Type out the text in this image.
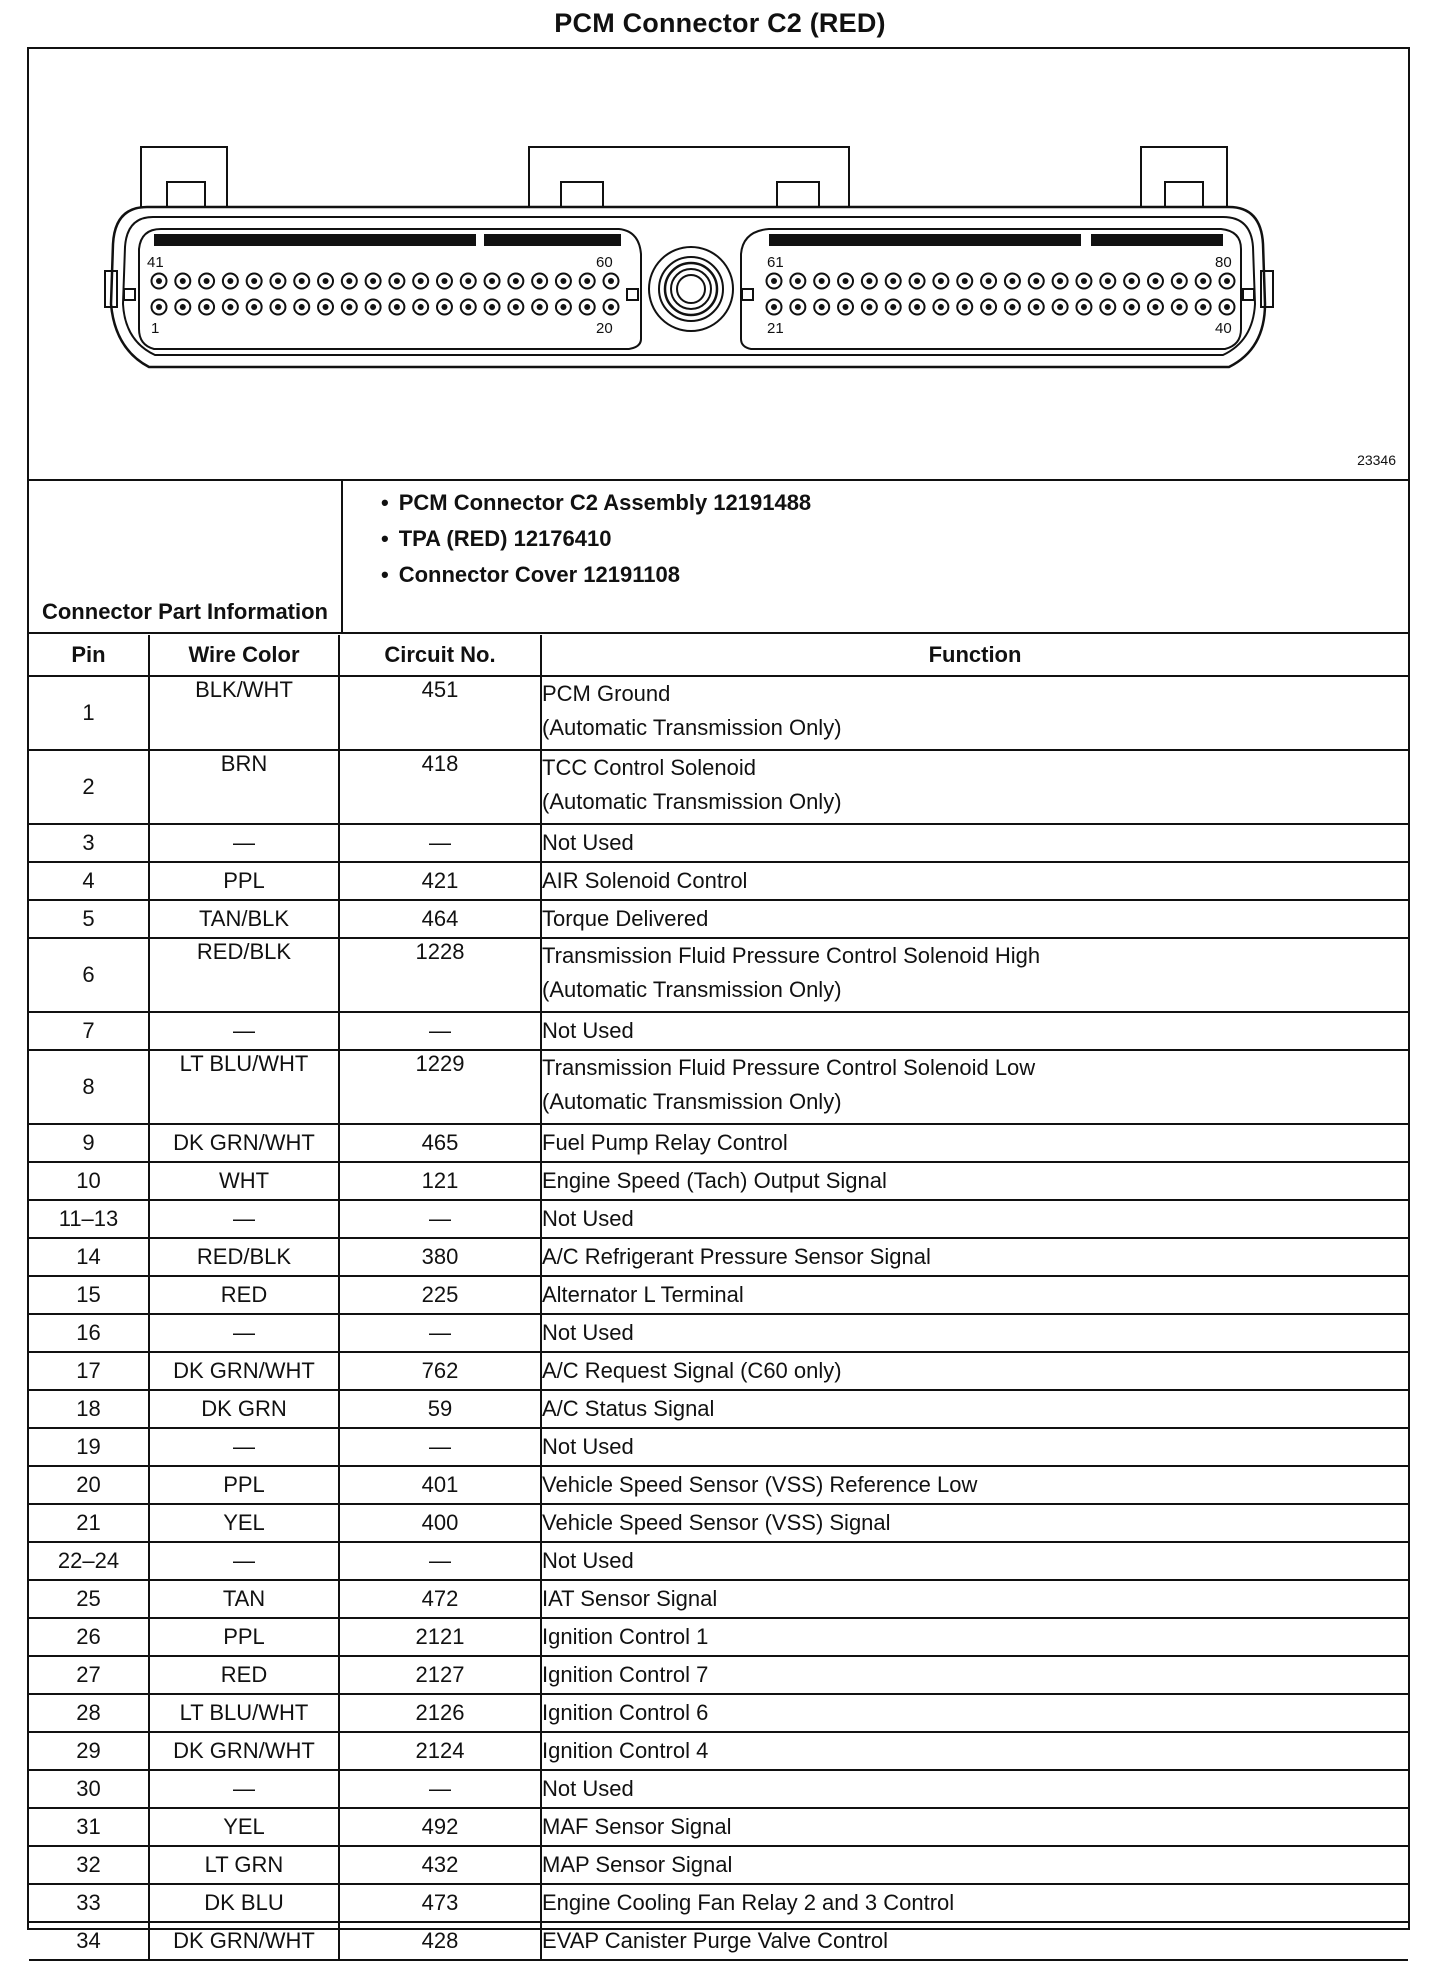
PCM Connector C2 (RED)
41	60
1	20
61	80
21	40
23346
Connector Part Information	
• PCM Connector C2 Assembly 12191488
• TPA (RED) 12176410
• Connector Cover 12191108
Pin	Wire Color	Circuit No.	Function
1	BLK/WHT	451	PCM Ground
(Automatic Transmission Only)

2	BRN	418	TCC Control Solenoid
(Automatic Transmission Only)

3	—	—	Not Used

4	PPL	421	AIR Solenoid Control

5	TAN/BLK	464	Torque Delivered

6	RED/BLK	1228	Transmission Fluid Pressure Control Solenoid High
(Automatic Transmission Only)

7	—	—	Not Used

8	LT BLU/WHT	1229	Transmission Fluid Pressure Control Solenoid Low
(Automatic Transmission Only)

9	DK GRN/WHT	465	Fuel Pump Relay Control

10	WHT	121	Engine Speed (Tach) Output Signal

11–13	—	—	Not Used

14	RED/BLK	380	A/C Refrigerant Pressure Sensor Signal

15	RED	225	Alternator L Terminal

16	—	—	Not Used

17	DK GRN/WHT	762	A/C Request Signal (C60 only)

18	DK GRN	59	A/C Status Signal

19	—	—	Not Used

20	PPL	401	Vehicle Speed Sensor (VSS) Reference Low

21	YEL	400	Vehicle Speed Sensor (VSS) Signal

22–24	—	—	Not Used

25	TAN	472	IAT Sensor Signal

26	PPL	2121	Ignition Control 1

27	RED	2127	Ignition Control 7

28	LT BLU/WHT	2126	Ignition Control 6

29	DK GRN/WHT	2124	Ignition Control 4

30	—	—	Not Used

31	YEL	492	MAF Sensor Signal

32	LT GRN	432	MAP Sensor Signal

33	DK BLU	473	Engine Cooling Fan Relay 2 and 3 Control

34	DK GRN/WHT	428	EVAP Canister Purge Valve Control
